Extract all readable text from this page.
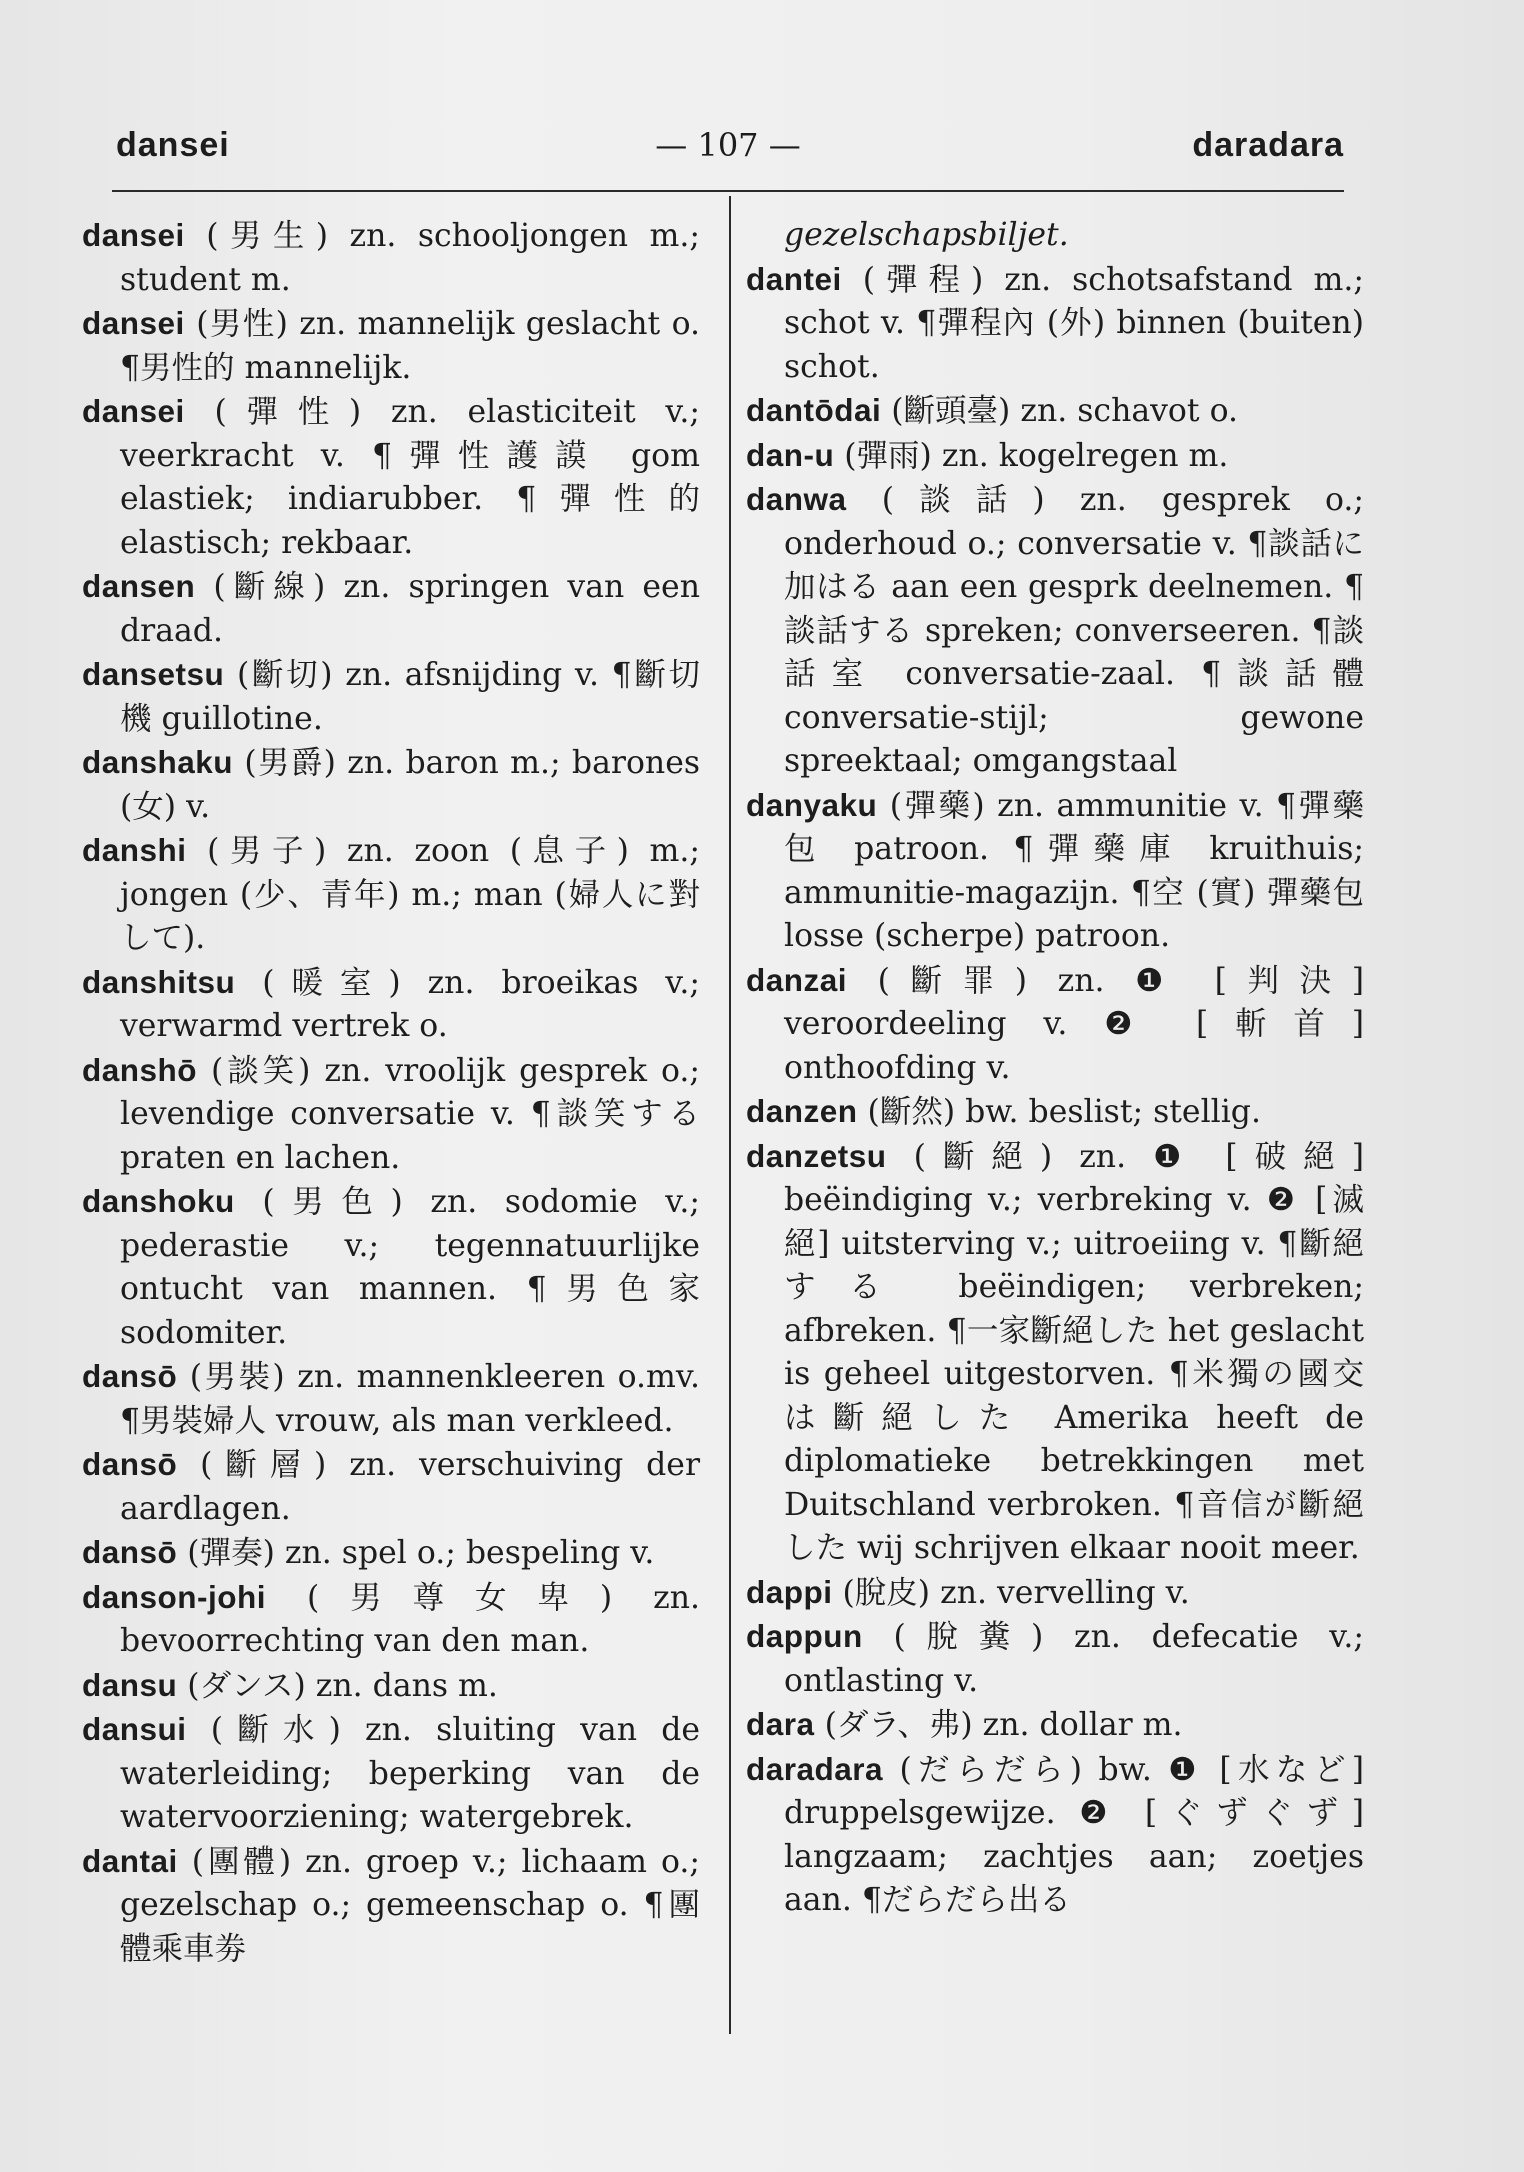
dansei	— 107 —	daradara
dansei (男生) zn. schooljongen m.; student m.
dansei (男性) zn. mannelijk geslacht o. ¶男性的 mannelijk.
dansei (彈性) zn. elasticiteit v.; veerkracht v. ¶彈性護謨 gom elastiek; indiarubber. ¶彈性的 elastisch; rekbaar.
dansen (斷線) zn. springen van een draad.
dansetsu (斷切) zn. afsnijding v. ¶斷切機 guillotine.
danshaku (男爵) zn. baron m.; barones (女) v.
danshi (男子) zn. zoon (息子) m.; jongen (少、青年) m.; man (婦人に對して).
danshitsu (暖室) zn. broeikas v.; verwarmd vertrek o.
danshō (談笑) zn. vroolijk gesprek o.; levendige conversatie v. ¶談笑する praten en lachen.
danshoku (男色) zn. sodomie v.; pederastie v.; tegennatuurlijke ontucht van mannen. ¶男色家 sodomiter.
dansō (男裝) zn. mannenkleeren o.mv. ¶男裝婦人 vrouw, als man verkleed.
dansō (斷層) zn. verschuiving der aardlagen.
dansō (彈奏) zn. spel o.; bespeling v.
danson-johi (男尊女卑) zn. bevoorrechting van den man.
dansu (ダンス) zn. dans m.
dansui (斷水) zn. sluiting van de waterleiding; beperking van de watervoorziening; watergebrek.
dantai (團體) zn. groep v.; lichaam o.; gezelschap o.; gemeenschap o. ¶團體乘車劵
gezelschapsbiljet.
dantei (彈程) zn. schotsafstand m.; schot v. ¶彈程內 (外) binnen (buiten) schot.
dantōdai (斷頭臺) zn. schavot o.
dan-u (彈雨) zn. kogelregen m.
danwa (談話) zn. gesprek o.; onderhoud o.; conversatie v. ¶談話に加はる aan een gesprk deelnemen. ¶談話する spreken; converseeren. ¶談話室 conversatie-zaal. ¶談話體 conversatie-stijl; gewone spreektaal; omgangstaal
danyaku (彈藥) zn. ammunitie v. ¶彈藥包 patroon. ¶彈藥庫 kruithuis; ammunitie-magazijn. ¶空 (實) 彈藥包 losse (scherpe) patroon.
danzai (斷罪) zn. ❶ [判決] veroordeeling v. ❷ [斬首] onthoofding v.
danzen (斷然) bw. beslist; stellig.
danzetsu (斷絕) zn. ❶ [破絕] beëindiging v.; verbreking v. ❷ [滅絕] uitsterving v.; uitroeiing v. ¶斷絕する beëindigen; verbreken; afbreken. ¶一家斷絕した het geslacht is geheel uitgestorven. ¶米獨の國交は斷絕した Amerika heeft de diplomatieke betrekkingen met Duitschland verbroken. ¶音信が斷絕した wij schrijven elkaar nooit meer.
dappi (脫皮) zn. vervelling v.
dappun (脫糞) zn. defecatie v.; ontlasting v.
dara (ダラ、弗) zn. dollar m.
daradara (だらだら) bw. ❶ [水など] druppelsgewijze. ❷ [ぐずぐず] langzaam; zachtjes aan; zoetjes aan. ¶だらだら出る
